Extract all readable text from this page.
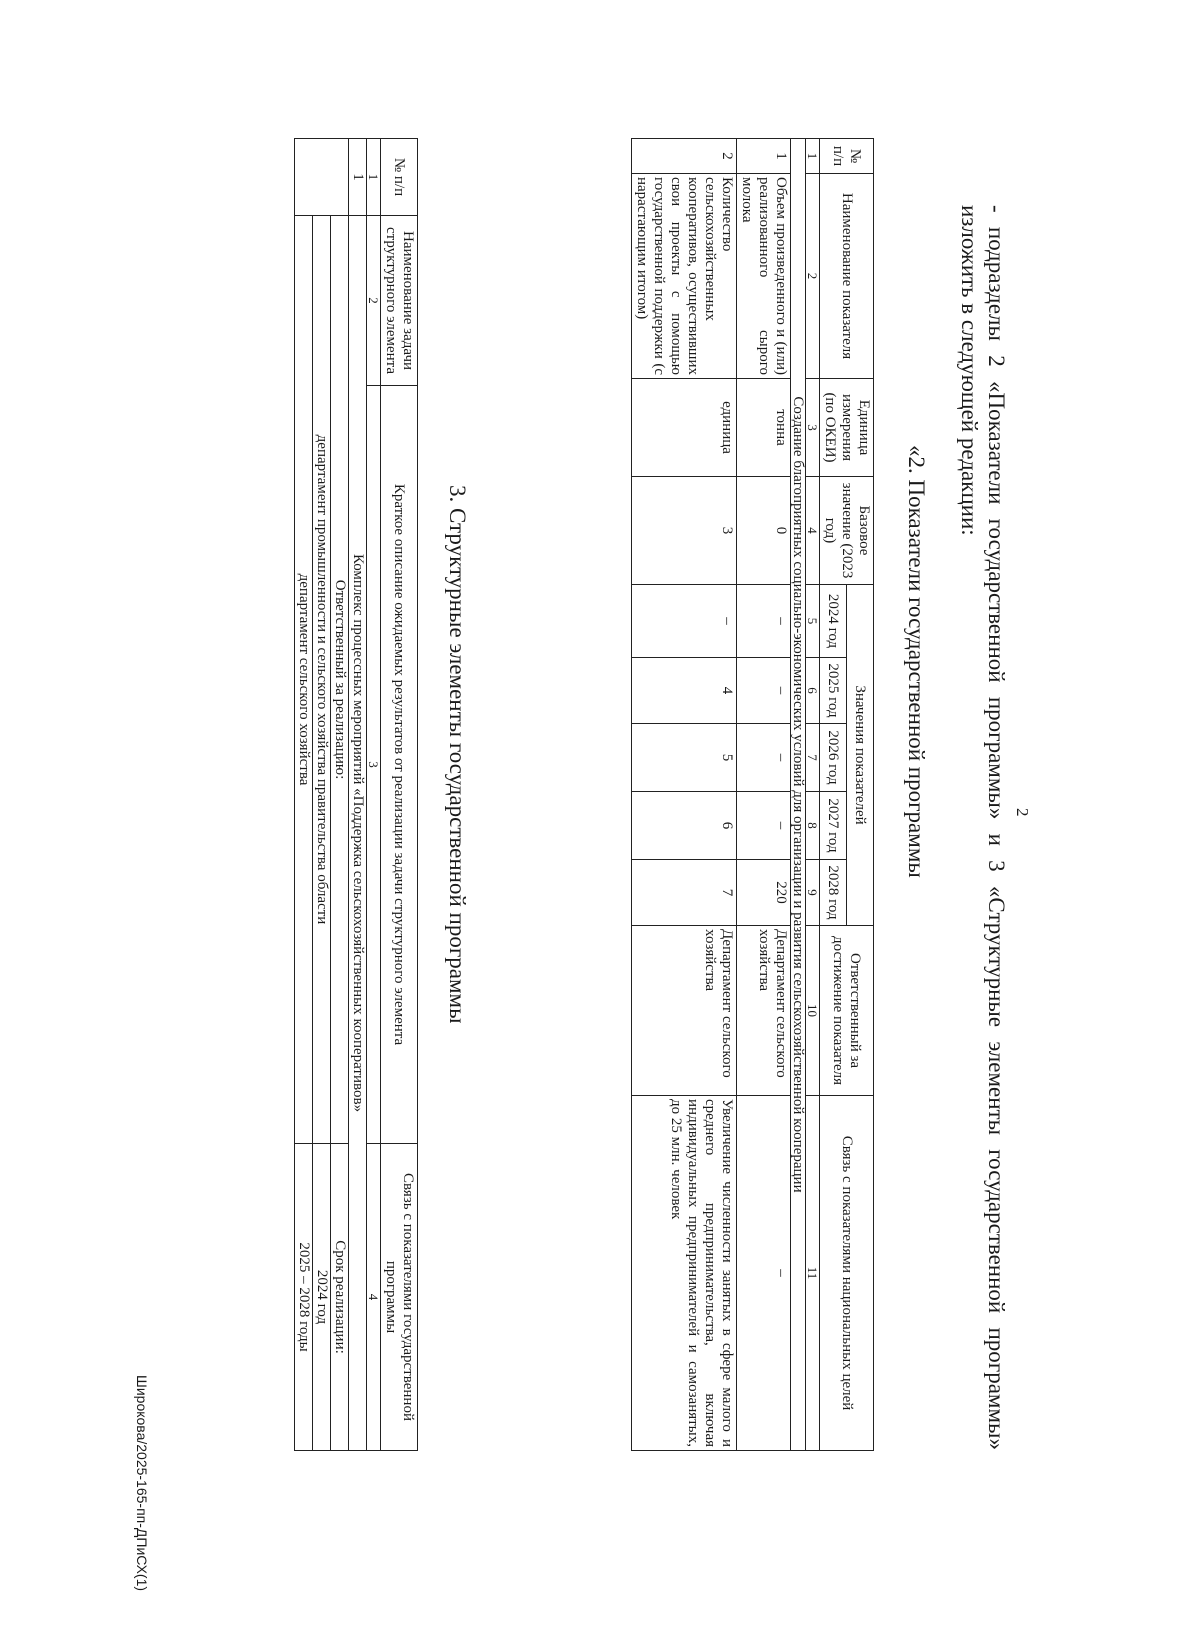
2
- подразделы 2 «Показатели государственной программы» и 3 «Структурные элементы государственной программы» изложить в следующей редакции:
«2. Показатели государственной программы
№ п/п	Наименование показателя	Единица измерения (по ОКЕИ)	Базовое значение (2023 год)	Значения показателей					Ответственный за достижение показателя	Связь с показателями национальных целей
				2024 год	2025 год	2026 год	2027 год	2028 год		
1	2	3	4	5	6	7	8	9	10	11
Создание благоприятных социально-экономических условий для организации и развития сельскохозяйственной кооперации										
1	Объем произведенного и (или) реализованного сырого молока	тонна	0	–	–	–	–	220	Департамент сельского хозяйства	–
2	Количество сельскохозяйственных кооперативов, осуществивших свои проекты с помощью государственной поддержки (с нарастающим итогом)	единица	3	–	4	5	6	7	Департамент сельского хозяйства	Увеличение численности занятых в сфере малого и среднего предпринимательства, включая индивидуальных предпринимателей и самозанятых, до 25 млн. человек
3. Структурные элементы государственной программы
№ п/п	Наименование задачи структурного элемента	Краткое описание ожидаемых результатов от реализации задачи структурного элемента	Связь с показателями государственной программы
1	2	3	4
1	Комплекс процессных мероприятий «Поддержка сельскохозяйственных кооперативов»		
	Ответственный за реализацию:		Срок реализации:
	департамент промышленности и сельского хозяйства правительства области		2024 год
	департамент сельского хозяйства		2025 – 2028 годы
Широкова/2025-165-пп-ДПиСХ(1)
